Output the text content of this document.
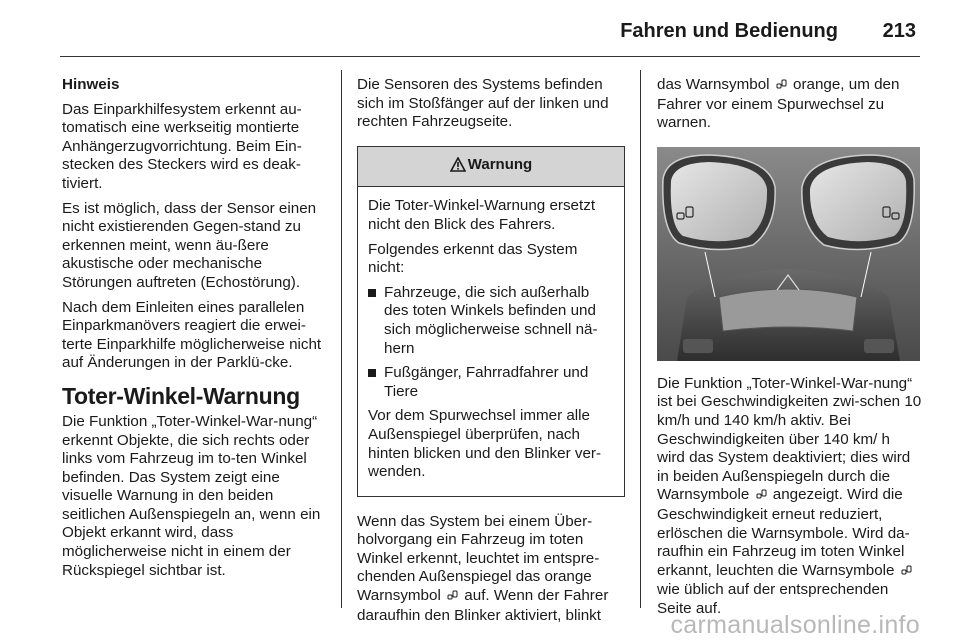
Fahren und Bedienung 213

Hinweis

Das Einparkhilfesystem erkennt au-tomatisch eine werkseitig montierte Anhängerzugvorrichtung. Beim Ein-stecken des Steckers wird es deak-tiviert.

Es ist möglich, dass der Sensor einen nicht existierenden Gegen-stand zu erkennen meint, wenn äu-ßere akustische oder mechanische Störungen auftreten (Echostörung).

Nach dem Einleiten eines parallelen Einparkmanövers reagiert die erwei-terte Einparkhilfe möglicherweise nicht auf Änderungen in der Parklü-cke.

Toter-Winkel-Warnung

Die Funktion „Toter-Winkel-War-nung“ erkennt Objekte, die sich rechts oder links vom Fahrzeug im to-ten Winkel befinden. Das System zeigt eine visuelle Warnung in den beiden seitlichen Außenspiegeln an, wenn ein Objekt erkannt wird, dass möglicherweise nicht in einem der Rückspiegel sichtbar ist.

Die Sensoren des Systems befinden sich im Stoßfänger auf der linken und rechten Fahrzeugseite.

Warnung

Die Toter-Winkel-Warnung ersetzt nicht den Blick des Fahrers.

Folgendes erkennt das System nicht:

Fahrzeuge, die sich außerhalb des toten Winkels befinden und sich möglicherweise schnell nä-hern
Fußgänger, Fahrradfahrer und Tiere

Vor dem Spurwechsel immer alle Außenspiegel überprüfen, nach hinten blicken und den Blinker ver-wenden.

Wenn das System bei einem Über-holvorgang ein Fahrzeug im toten Winkel erkennt, leuchtet im entspre-chenden Außenspiegel das orange Warnsymbol auf. Wenn der Fahrer daraufhin den Blinker aktiviert, blinkt

das Warnsymbol orange, um den Fahrer vor einem Spurwechsel zu warnen.

Die Funktion „Toter-Winkel-War-nung“ ist bei Geschwindigkeiten zwi-schen 10 km/h und 140 km/h aktiv. Bei Geschwindigkeiten über 140 km/ h wird das System deaktiviert; dies wird in beiden Außenspiegeln durch die Warnsymbole angezeigt. Wird die Geschwindigkeit erneut reduziert, erlöschen die Warnsymbole. Wird da-raufhin ein Fahrzeug im toten Winkel erkannt, leuchten die Warnsymbole  wie üblich auf der entsprechenden Seite auf.

carmanualsonline.info
